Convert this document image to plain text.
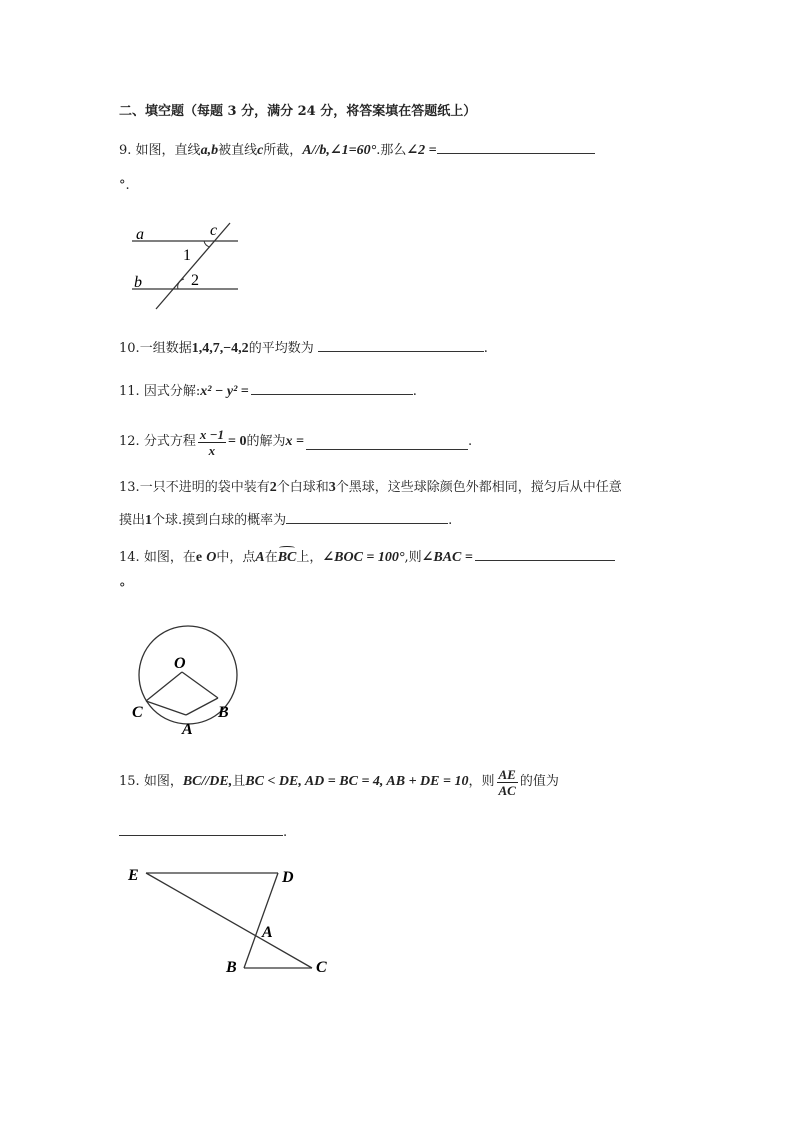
二、填空题（每题 3 分，满分 24 分，将答案填在答题纸上）
9. 如图，直线a,b被直线c所截，A//b,∠1=60°.那么∠2 =
°.
a
b
c
1
2
10.一组数据1,4,7,−4,2的平均数为	.
11. 因式分解:x² − y² =	.
12.
分式方程 $\frac{x -1}{x} = 0$ 的解为 x =	.
13.一只不进明的袋中装有2个白球和3个黑球，这些球除颜色外都相同，搅匀后从中任意
摸出1个球.摸到白球的概率为	.
14. 如图，在e O中，点A在BC上，∠BOC = 100°,则∠BAC =
°
O
C	B
A
15.
如图， BC//DE, 且 BC < DE, AD = BC = 4, AB + DE = 10 ，则 $\frac{AE}{AC}$ 的值为
.
E	D
A
B	C
